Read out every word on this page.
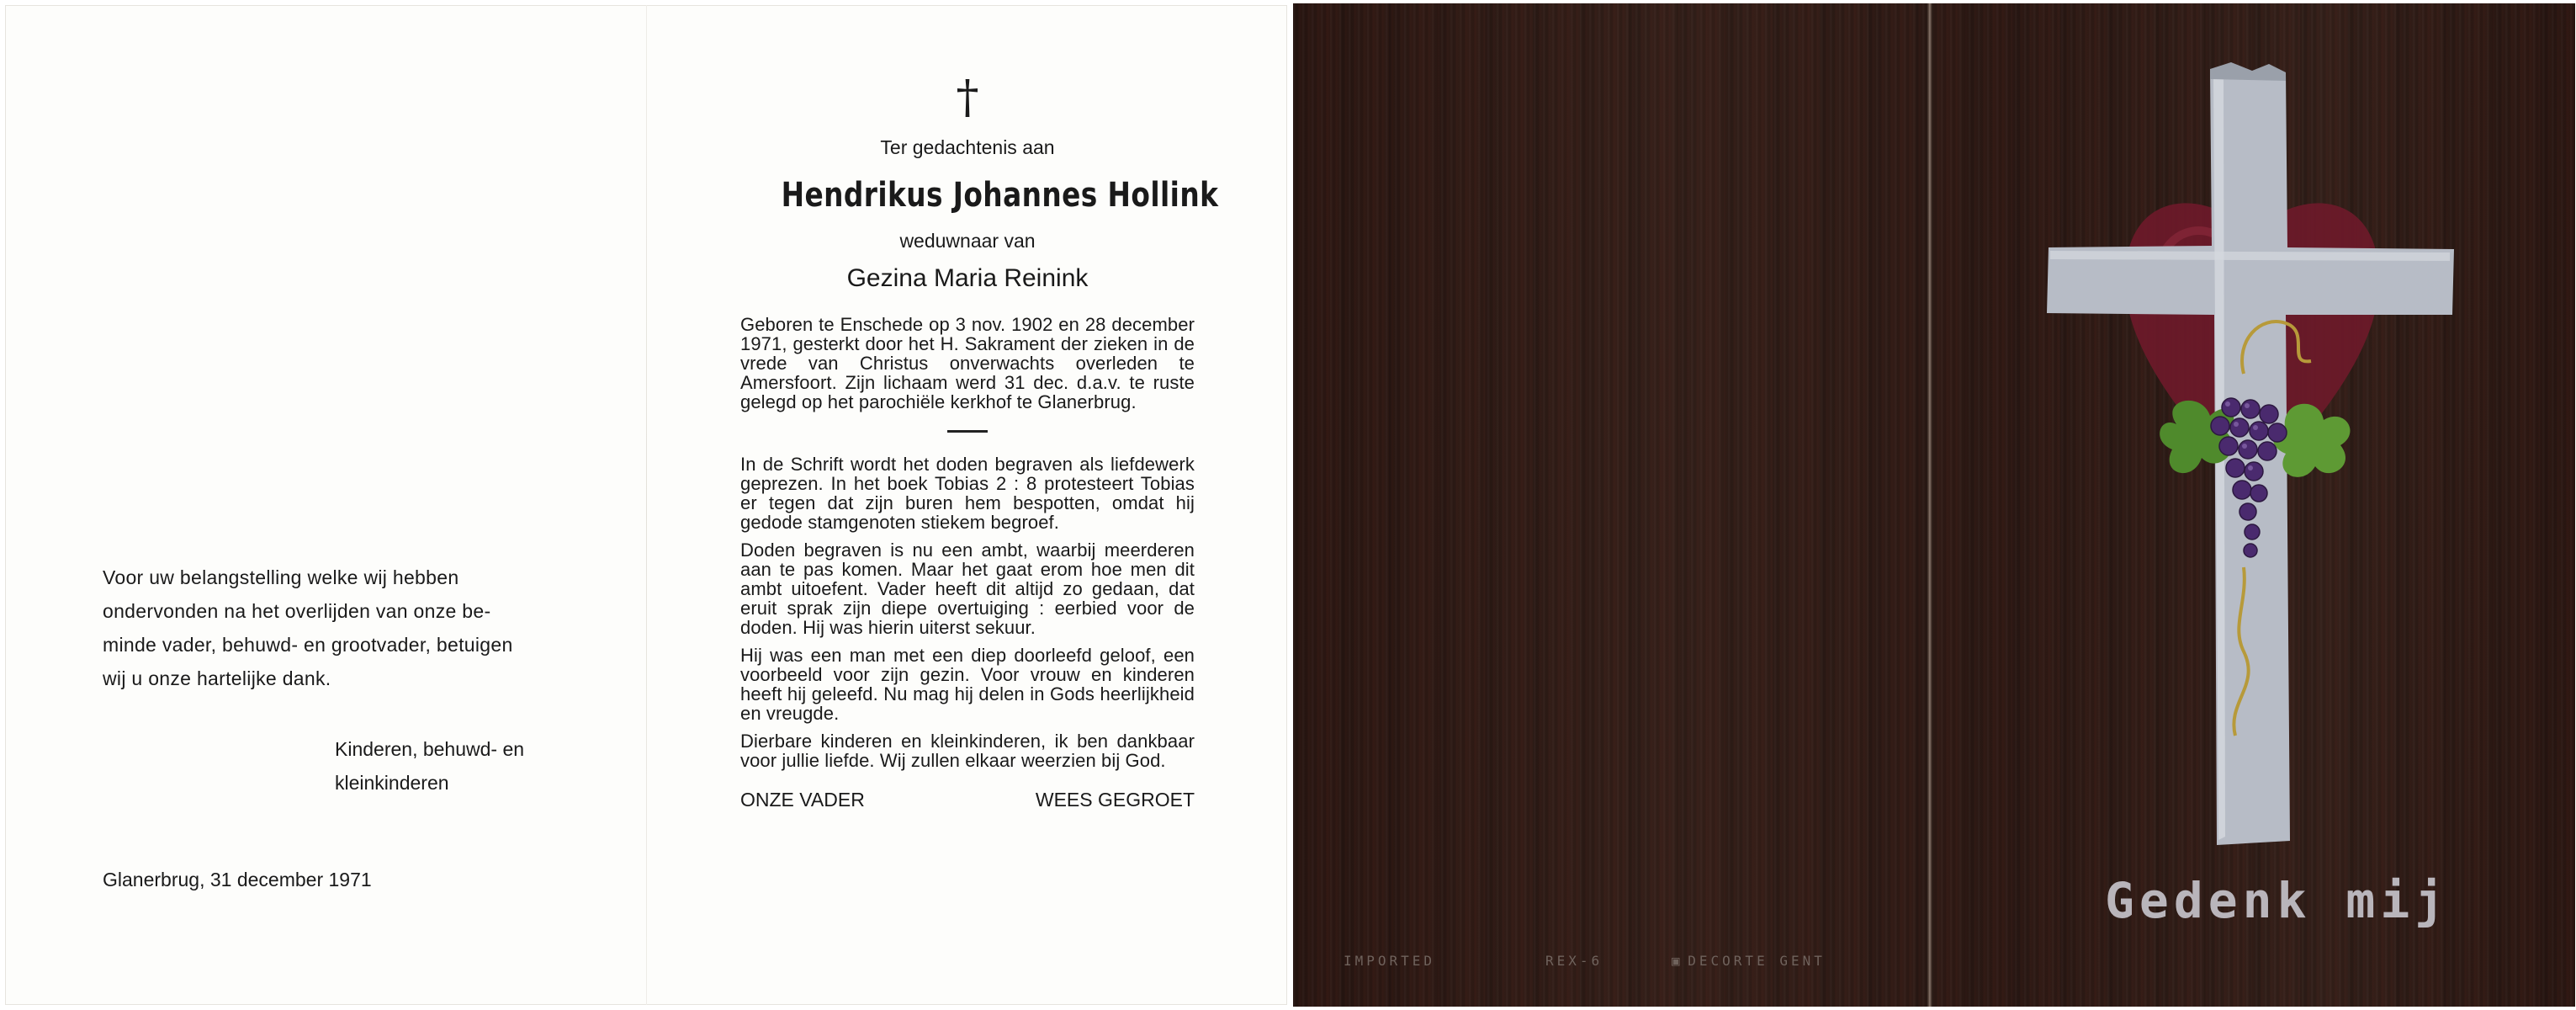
Voor uw belangstelling welke wij hebben

ondervonden na het overlijden van onze be-

minde vader, behuwd- en grootvader, betuigen

wij u onze hartelijke dank.

Kinderen, behuwd- en
kleinkinderen
Glanerbrug, 31 december 1971
†
Ter gedachtenis aan
Hendrikus Johannes Hollink
weduwnaar van
Gezina Maria Reinink
Geboren te Enschede op 3 nov. 1902 en 28 december 1971, gesterkt door het H. Sakrament der zieken in de vrede van Christus onverwachts overleden te Amersfoort. Zijn lichaam werd 31 dec. d.a.v. te ruste gelegd op het parochiële kerkhof te Glanerbrug.

In de Schrift wordt het doden begraven als liefdewerk geprezen. In het boek Tobias 2 : 8 protesteert Tobias er tegen dat zijn buren hem bespotten, omdat hij gedode stamgenoten stiekem begroef.

Doden begraven is nu een ambt, waarbij meerderen aan te pas komen. Maar het gaat erom hoe men dit ambt uitoefent. Vader heeft dit altijd zo gedaan, dat eruit sprak zijn diepe overtuiging : eerbied voor de doden. Hij was hierin uiterst sekuur.

Hij was een man met een diep doorleefd geloof, een voorbeeld voor zijn gezin. Voor vrouw en kinderen heeft hij geleefd. Nu mag hij delen in Gods heerlijkheid en vreugde.

Dierbare kinderen en kleinkinderen, ik ben dankbaar voor jullie liefde. Wij zullen elkaar weerzien bij God.

ONZE VADER	WEES GEGROET
IMPORTED	REX-6	▣ DECORTE GENT
Gedenk mij
